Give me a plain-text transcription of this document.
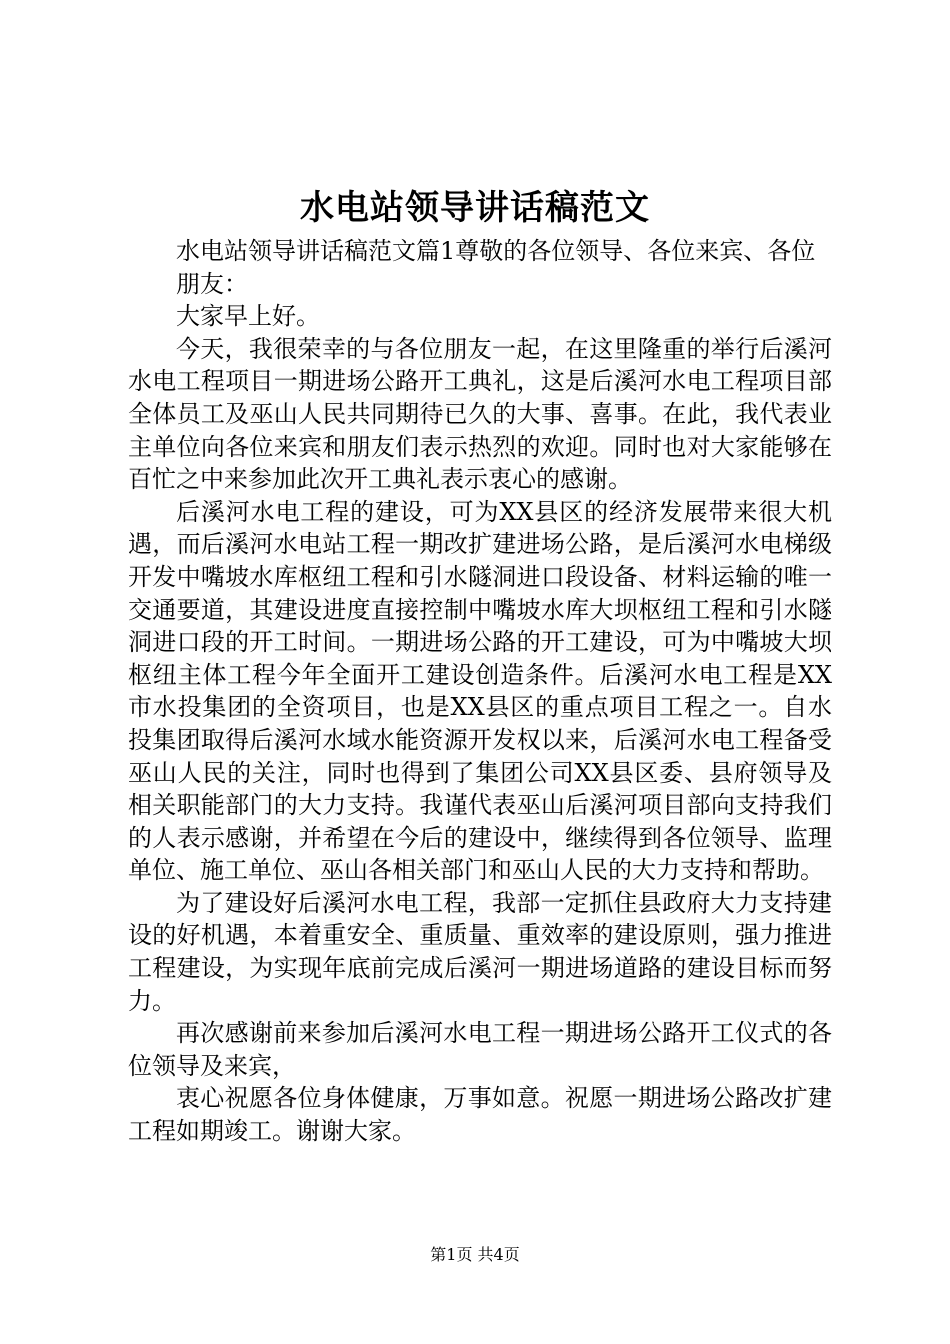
水电站领导讲话稿范文

水电站领导讲话稿范文篇1尊敬的各位领导、各位来宾、各位

朋友：

大家早上好。

今天，我很荣幸的与各位朋友一起，在这里隆重的举行后溪河水电工程项目一期进场公路开工典礼，这是后溪河水电工程项目部全体员工及巫山人民共同期待已久的大事、喜事。在此，我代表业主单位向各位来宾和朋友们表示热烈的欢迎。同时也对大家能够在百忙之中来参加此次开工典礼表示衷心的感谢。

后溪河水电工程的建设，可为XX县区的经济发展带来很大机遇，而后溪河水电站工程一期改扩建进场公路，是后溪河水电梯级开发中嘴坡水库枢纽工程和引水隧洞进口段设备、材料运输的唯一交通要道，其建设进度直接控制中嘴坡水库大坝枢纽工程和引水隧洞进口段的开工时间。一期进场公路的开工建设，可为中嘴坡大坝枢纽主体工程今年全面开工建设创造条件。后溪河水电工程是XX市水投集团的全资项目，也是XX县区的重点项目工程之一。自水投集团取得后溪河水域水能资源开发权以来，后溪河水电工程备受巫山人民的关注，同时也得到了集团公司XX县区委、县府领导及相关职能部门的大力支持。我谨代表巫山后溪河项目部向支持我们的人表示感谢，并希望在今后的建设中，继续得到各位领导、监理单位、施工单位、巫山各相关部门和巫山人民的大力支持和帮助。

为了建设好后溪河水电工程，我部一定抓住县政府大力支持建设的好机遇，本着重安全、重质量、重效率的建设原则，强力推进工程建设，为实现年底前完成后溪河一期进场道路的建设目标而努力。

再次感谢前来参加后溪河水电工程一期进场公路开工仪式的各位领导及来宾，

衷心祝愿各位身体健康，万事如意。祝愿一期进场公路改扩建工程如期竣工。谢谢大家。

第1页 共4页
